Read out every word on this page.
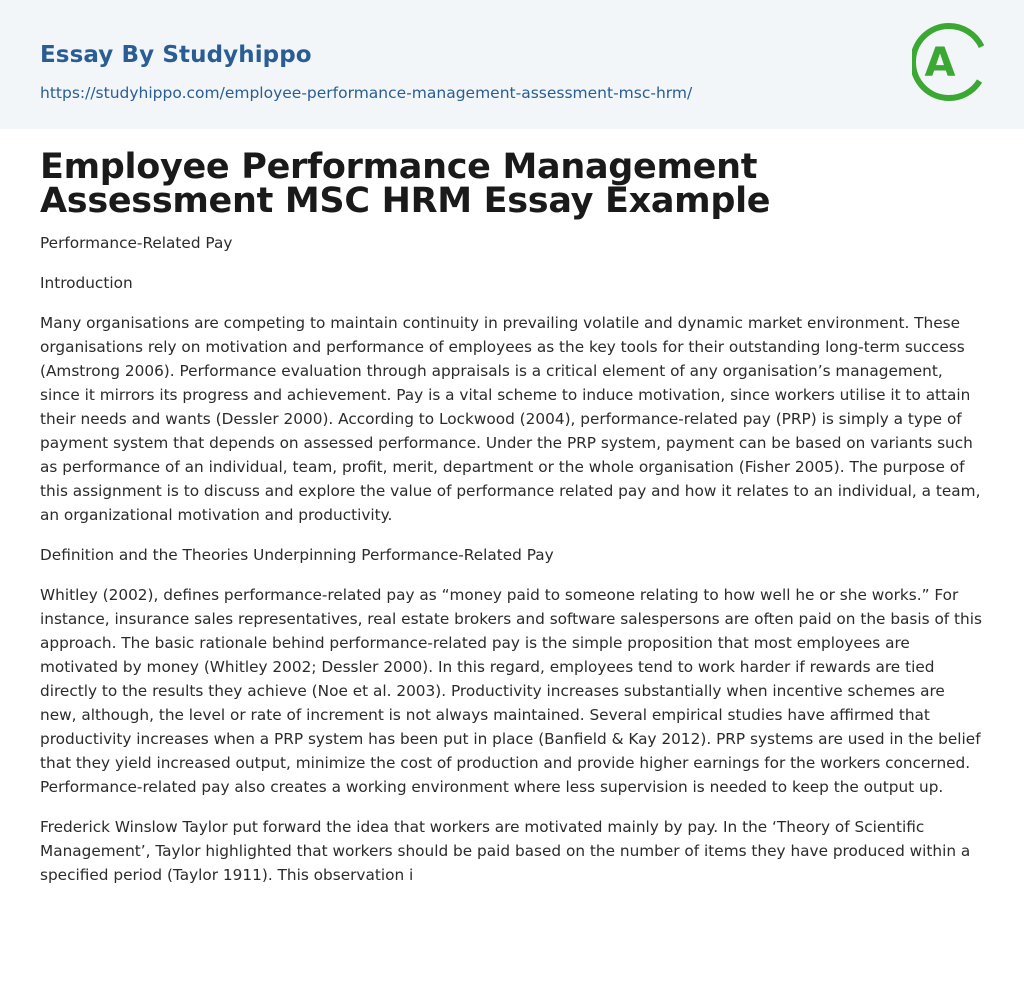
Essay By Studyhippo
https://studyhippo.com/employee-performance-management-assessment-msc-hrm/
A
Employee Performance Management Assessment MSC HRM Essay Example

Performance-Related Pay

Introduction

Many organisations are competing to maintain continuity in prevailing volatile and dynamic market environment. These organisations rely on motivation and performance of employees as the key tools for their outstanding long-term success (Amstrong 2006). Performance evaluation through appraisals is a critical element of any organisation’s management, since it mirrors its progress and achievement. Pay is a vital scheme to induce motivation, since workers utilise it to attain their needs and wants (Dessler 2000). According to Lockwood (2004), performance-related pay (PRP) is simply a type of payment system that depends on assessed performance. Under the PRP system, payment can be based on variants such as performance of an individual, team, profit, merit, department or the whole organisation (Fisher 2005). The purpose of this assignment is to discuss and explore the value of performance related pay and how it relates to an individual, a team, an organizational motivation and productivity.

Definition and the Theories Underpinning Performance-Related Pay

Whitley (2002), defines performance-related pay as “money paid to someone relating to how well he or she works.” For instance, insurance sales representatives, real estate brokers and software salespersons are often paid on the basis of this approach. The basic rationale behind performance-related pay is the simple proposition that most employees are motivated by money (Whitley 2002; Dessler 2000). In this regard, employees tend to work harder if rewards are tied directly to the results they achieve (Noe et al. 2003). Productivity increases substantially when incentive schemes are new, although, the level or rate of increment is not always maintained. Several empirical studies have affirmed that productivity increases when a PRP system has been put in place (Banfield & Kay 2012). PRP systems are used in the belief that they yield increased output, minimize the cost of production and provide higher earnings for the workers concerned. Performance-related pay also creates a working environment where less supervision is needed to keep the output up.

Frederick Winslow Taylor put forward the idea that workers are motivated mainly by pay. In the ‘Theory of Scientific Management’, Taylor highlighted that workers should be paid based on the number of items they have produced within a specified period (Taylor 1911). This observation i
